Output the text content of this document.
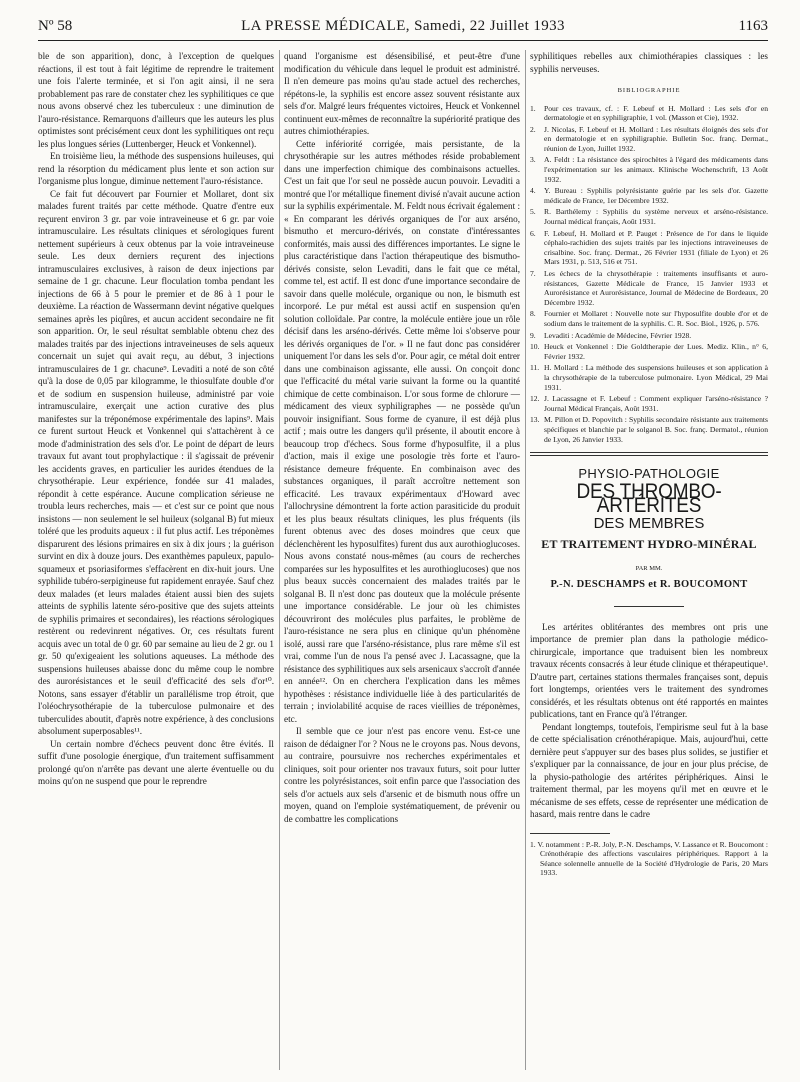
Nº 58	LA PRESSE MÉDICALE, Samedi, 22 Juillet 1933	1163

ble de son apparition), donc, à l'exception de quelques réactions, il est tout à fait légitime de reprendre le traitement une fois l'alerte terminée, et si l'on agit ainsi, il ne sera probablement pas rare de constater chez les syphilitiques ce que nous avons observé chez les tuberculeux : une diminution de l'auro-résistance. Remarquons d'ailleurs que les auteurs les plus optimistes sont précisément ceux dont les syphilitiques ont reçu les plus longues séries (Luttenberger, Heuck et Vonkennel).

En troisième lieu, la méthode des suspensions huileuses, qui rend la résorption du médicament plus lente et son action sur l'organisme plus longue, diminue nettement l'auro-résistance.

Ce fait fut découvert par Fournier et Mollaret, dont six malades furent traités par cette méthode. Quatre d'entre eux reçurent environ 3 gr. par voie intraveineuse et 6 gr. par voie intramusculaire. Les résultats cliniques et sérologiques furent nettement supérieurs à ceux obtenus par la voie intraveineuse seule. Les deux derniers reçurent des injections intramusculaires exclusives, à raison de deux injections par semaine de 1 gr. chacune. Leur floculation tomba pendant les injections de 66 à 5 pour le premier et de 86 à 1 pour le deuxième. La réaction de Wassermann devint négative quelques semaines après les piqûres, et aucun accident secondaire ne fit son apparition. Or, le seul résultat semblable obtenu chez des malades traités par des injections intraveineuses de sels aqueux concernait un sujet qui avait reçu, au début, 3 injections intramusculaires de 1 gr. chacune⁹. Levaditi a noté de son côté qu'à la dose de 0,05 par kilogramme, le thiosulfate double d'or et de sodium en suspension huileuse, administré par voie intramusculaire, exerçait une action curative des plus manifestes sur la tréponémose expérimentale des lapins⁹. Mais ce furent surtout Heuck et Vonkennel qui s'attachèrent à ce mode d'administration des sels d'or. Le point de départ de leurs travaux fut avant tout prophylactique : il s'agissait de prévenir les accidents graves, en particulier les aurides étendues de la chrysothérapie. Leur expérience, fondée sur 41 malades, répondit à cette espérance. Aucune complication sérieuse ne troubla leurs recherches, mais — et c'est sur ce point que nous insistons — non seulement le sel huileux (solganal B) fut mieux toléré que les produits aqueux : il fut plus actif. Les tréponèmes disparurent des lésions primaires en six à dix jours ; la guérison survint en dix à douze jours. Des exanthèmes papuleux, papulo-squameux et psoriasiformes s'effacèrent en dix-huit jours. Une syphilide tubéro-serpigineuse fut rapidement enrayée. Sauf chez deux malades (et leurs malades étaient aussi bien des sujets atteints de syphilis latente séro-positive que des sujets atteints de syphilis primaires et secondaires), les réactions sérologiques restèrent ou redevinrent négatives. Or, ces résultats furent acquis avec un total de 0 gr. 60 par semaine au lieu de 2 gr. ou 1 gr. 50 qu'exigeaient les solutions aqueuses. La méthode des suspensions huileuses abaisse donc du même coup le nombre des aurorésistances et le seuil d'efficacité des sels d'or¹⁰. Notons, sans essayer d'établir un parallélisme trop étroit, que l'oléochrysothérapie de la tuberculose pulmonaire et des tuberculides aboutit, d'après notre expérience, à des conclusions absolument superposables¹¹.

Un certain nombre d'échecs peuvent donc être évités. Il suffit d'une posologie énergique, d'un traitement suffisamment prolongé qu'on n'arrête pas devant une alerte éventuelle ou du moins qu'on ne suspend que pour le reprendre

quand l'organisme est désensibilisé, et peut-être d'une modification du véhicule dans lequel le produit est administré. Il n'en demeure pas moins qu'au stade actuel des recherches, répétons-le, la syphilis est encore assez souvent résistante aux sels d'or. Malgré leurs fréquentes victoires, Heuck et Vonkennel continuent eux-mêmes de reconnaître la supériorité pratique des autres chimiothérapies.

Cette infériorité corrigée, mais persistante, de la chrysothérapie sur les autres méthodes réside probablement dans une imperfection chimique des combinaisons actuelles. C'est un fait que l'or seul ne possède aucun pouvoir. Levaditi a montré que l'or métallique finement divisé n'avait aucune action sur la syphilis expérimentale. M. Feldt nous écrivait également : « En comparant les dérivés organiques de l'or aux arséno, bismutho et mercuro-dérivés, on constate d'intéressantes conformités, mais aussi des différences importantes. Le signe le plus caractéristique dans l'action thérapeutique des bismutho-dérivés consiste, selon Levaditi, dans le fait que ce métal, comme tel, est actif. Il est donc d'une importance secondaire de savoir dans quelle molécule, organique ou non, le bismuth est incorporé. Le pur métal est aussi actif en suspension qu'en solution colloïdale. Par contre, la molécule entière joue un rôle décisif dans les arséno-dérivés. Cette même loi s'observe pour les dérivés organiques de l'or. » Il ne faut donc pas considérer uniquement l'or dans les sels d'or. Pour agir, ce métal doit entrer dans une combinaison agissante, elle aussi. On conçoit donc que l'efficacité du métal varie suivant la forme ou la quantité chimique de cette combinaison. L'or sous forme de chlorure — médicament des vieux syphiligraphes — ne possède qu'un pouvoir insignifiant. Sous forme de cyanure, il est déjà plus actif ; mais outre les dangers qu'il présente, il aboutit encore à beaucoup trop d'échecs. Sous forme d'hyposulfite, il a plus d'action, mais il exige une posologie très forte et l'auro-résistance demeure fréquente. En combinaison avec des substances organiques, il paraît accroître nettement son efficacité. Les travaux expérimentaux d'Howard avec l'allochrysine démontrent la forte action parasiticide du produit et les plus beaux résultats cliniques, les plus fréquents (ils furent obtenus avec des doses moindres que ceux que déclenchèrent les hyposulfites) furent dus aux aurothioglucoses. Nous avons constaté nous-mêmes (au cours de recherches comparées sur les hyposulfites et les aurothioglucoses) que nos plus beaux succès concernaient des malades traités par le solganal B. Il n'est donc pas douteux que la molécule présente une importance considérable. Le jour où les chimistes découvriront des molécules plus parfaites, le problème de l'auro-résistance ne sera plus en clinique qu'un phénomène isolé, aussi rare que l'arséno-résistance, plus rare même s'il est vrai, comme l'un de nous l'a pensé avec J. Lacassagne, que la résistance des syphilitiques aux sels arsenicaux s'accroît d'année en année¹². On en cherchera l'explication dans les mêmes hypothèses : résistance individuelle liée à des particularités de terrain ; inviolabilité acquise de races vieillies de tréponèmes, etc.

Il semble que ce jour n'est pas encore venu. Est-ce une raison de dédaigner l'or ? Nous ne le croyons pas. Nous devons, au contraire, poursuivre nos recherches expérimentales et cliniques, soit pour orienter nos travaux futurs, soit pour lutter contre les polyrésistances, soit enfin parce que l'association des sels d'or actuels aux sels d'arsenic et de bismuth nous offre un moyen, quand on l'emploie systématiquement, de prévenir ou de combattre les complications

syphilitiques rebelles aux chimiothérapies classiques : les syphilis nerveuses.

BIBLIOGRAPHIE
1. Pour ces travaux, cf. : F. Lebeuf et H. Mollard : Les sels d'or en dermatologie et en syphiligraphie, 1 vol. (Masson et Cie), 1932.
2. J. Nicolas, F. Lebeuf et H. Mollard : Les résultats éloignés des sels d'or en dermatologie et en syphiligraphie. Bulletin Soc. franç. Dermat., réunion de Lyon, Juillet 1932.
3. A. Feldt : La résistance des spirochètes à l'égard des médicaments dans l'expérimentation sur les animaux. Klinische Wochenschrift, 13 Août 1932.
4. Y. Bureau : Syphilis polyrésistante guérie par les sels d'or. Gazette médicale de France, 1er Décembre 1932.
5. R. Barthélemy : Syphilis du système nerveux et arséno-résistance. Journal médical français, Août 1931.
6. F. Lebeuf, H. Mollard et P. Pauget : Présence de l'or dans le liquide céphalo-rachidien des sujets traités par les injections intraveineuses de crisalbine. Soc. franç. Dermat., 26 Février 1931 (filiale de Lyon) et 26 Mars 1931, p. 513, 516 et 751.
7. Les échecs de la chrysothérapie : traitements insuffisants et auro-résistances, Gazette Médicale de France, 15 Janvier 1933 et Aurorésistance et Aurorésistance, Journal de Médecine de Bordeaux, 20 Décembre 1932.
8. Fournier et Mollaret : Nouvelle note sur l'hyposulfite double d'or et de sodium dans le traitement de la syphilis. C. R. Soc. Biol., 1926, p. 576.
9. Levaditi : Académie de Médecine, Février 1928.
10. Heuck et Vonkennel : Die Goldtherapie der Lues. Mediz. Klin., n° 6, Février 1932.
11. H. Mollard : La méthode des suspensions huileuses et son application à la chrysothérapie de la tuberculose pulmonaire. Lyon Médical, 29 Mai 1931.
12. J. Lacassagne et F. Lebeuf : Comment expliquer l'arséno-résistance ? Journal Médical Français, Août 1931.
13. M. Pillon et D. Popovitch : Syphilis secondaire résistante aux traitements spécifiques et blanchie par le solganol B. Soc. franç. Dermatol., réunion de Lyon, 26 Janvier 1933.
PHYSIO-PATHOLOGIE
DES THROMBO-ARTÉRITES
DES MEMBRES
ET TRAITEMENT HYDRO-MINÉRAL
PAR MM.
P.-N. DESCHAMPS et R. BOUCOMONT

Les artérites oblitérantes des membres ont pris une importance de premier plan dans la pathologie médico-chirurgicale, importance que traduisent bien les nombreux travaux récents consacrés à leur étude clinique et thérapeutique¹. D'autre part, certaines stations thermales françaises sont, depuis fort longtemps, orientées vers le traitement des syndromes considérés, et les résultats obtenus ont été rapportés en maintes publications, tant en France qu'à l'étranger.

Pendant longtemps, toutefois, l'empirisme seul fut à la base de cette spécialisation crénothérapique. Mais, aujourd'hui, cette dernière peut s'appuyer sur des bases plus solides, se justifier et s'expliquer par la connaissance, de jour en jour plus précise, de la physio-pathologie des artérites périphériques. Ainsi le traitement thermal, par les moyens qu'il met en œuvre et le mécanisme de ses effets, cesse de représenter une médication de hasard, mais rentre dans le cadre

1. V. notamment : P.-R. Joly, P.-N. Deschamps, V. Lassance et R. Boucomont : Crénothérapie des affections vasculaires périphériques. Rapport à la Séance solennelle annuelle de la Société d'Hydrologie de Paris, 20 Mars 1933.
